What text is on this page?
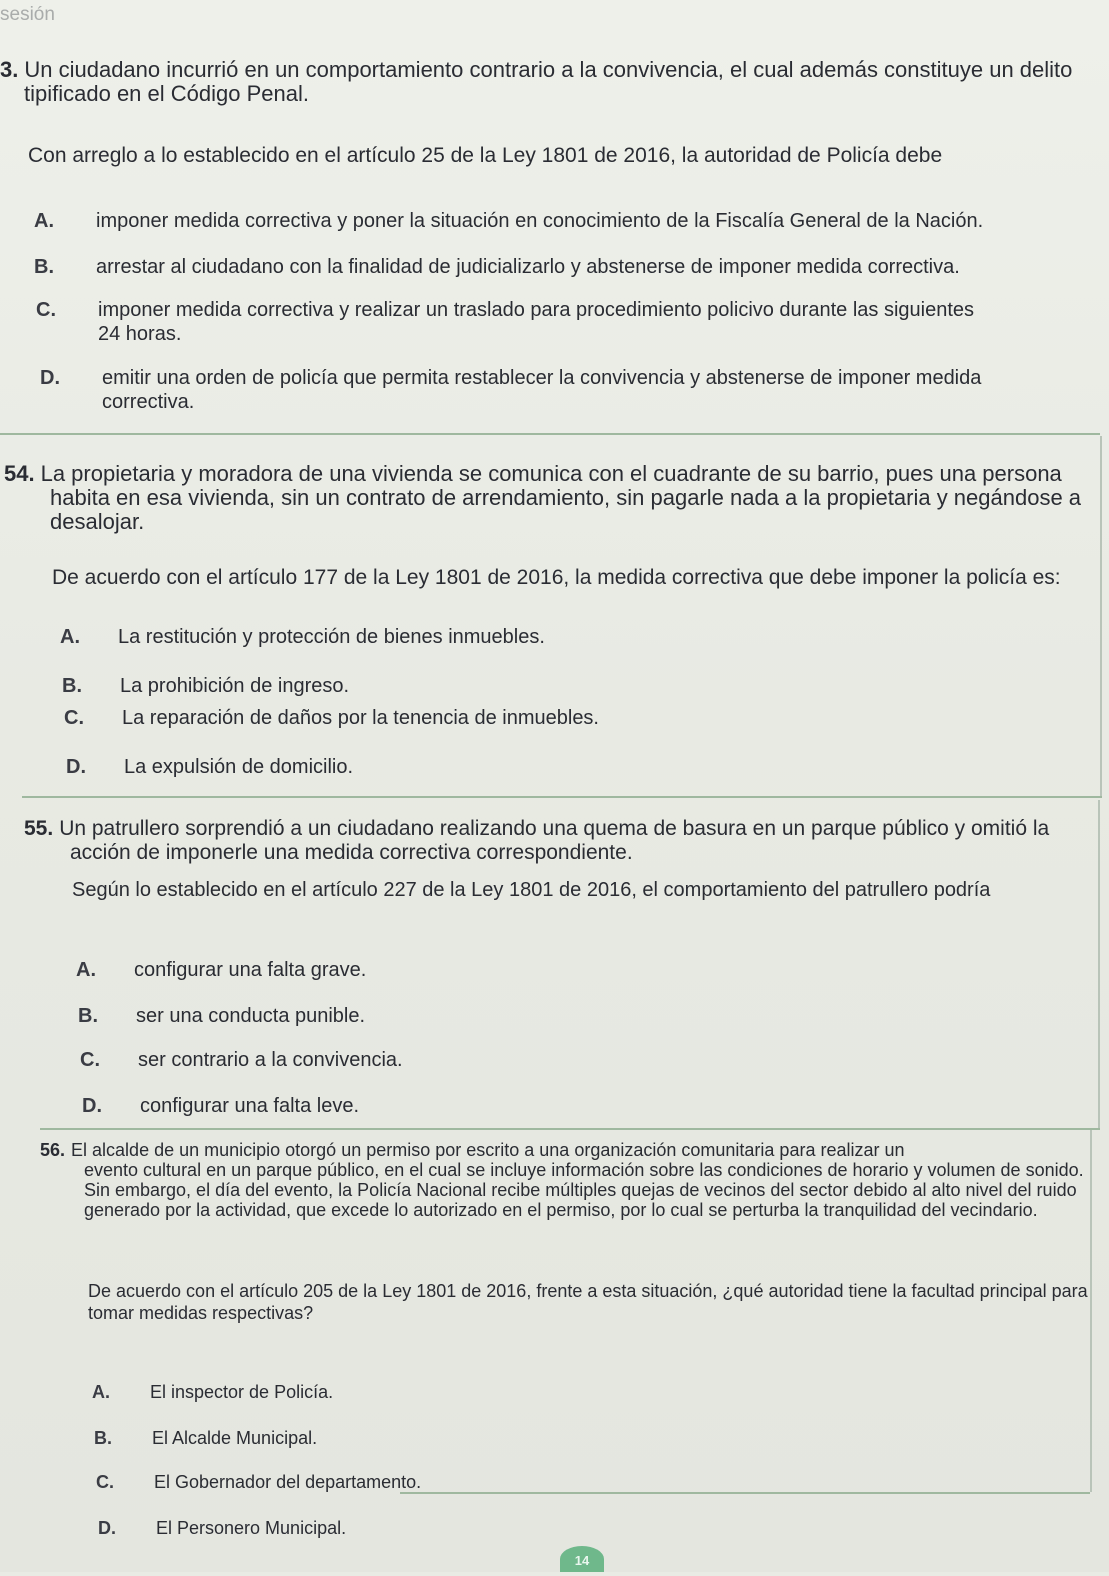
sesión

3. Un ciudadano incurrió en un comportamiento contrario a la convivencia, el cual además constituye un delito
tipificado en el Código Penal.

Con arreglo a lo establecido en el artículo 25 de la Ley 1801 de 2016, la autoridad de Policía debe

A. imponer medida correctiva y poner la situación en conocimiento de la Fiscalía General de la Nación.
B. arrestar al ciudadano con la finalidad de judicializarlo y abstenerse de imponer medida correctiva.
C. imponer medida correctiva y realizar un traslado para procedimiento policivo durante las siguientes
24 horas.
D. emitir una orden de policía que permita restablecer la convivencia y abstenerse de imponer medida
correctiva.

54. La propietaria y moradora de una vivienda se comunica con el cuadrante de su barrio, pues una persona
habita en esa vivienda, sin un contrato de arrendamiento, sin pagarle nada a la propietaria y negándose a desalojar.

De acuerdo con el artículo 177 de la Ley 1801 de 2016, la medida correctiva que debe imponer la policía es:

A. La restitución y protección de bienes inmuebles.
B. La prohibición de ingreso.
C. La reparación de daños por la tenencia de inmuebles.
D. La expulsión de domicilio.

55. Un patrullero sorprendió a un ciudadano realizando una quema de basura en un parque público y omitió la
acción de imponerle una medida correctiva correspondiente.

Según lo establecido en el artículo 227 de la Ley 1801 de 2016, el comportamiento del patrullero podría

A. configurar una falta grave.
B. ser una conducta punible.
C. ser contrario a la convivencia.
D. configurar una falta leve.

56. El alcalde de un municipio otorgó un permiso por escrito a una organización comunitaria para realizar un
evento cultural en un parque público, en el cual se incluye información sobre las condiciones de horario y volumen de sonido. Sin embargo, el día del evento, la Policía Nacional recibe múltiples quejas de vecinos del sector debido al alto nivel del ruido generado por la actividad, que excede lo autorizado en el permiso, por lo cual se perturba la tranquilidad del vecindario.

De acuerdo con el artículo 205 de la Ley 1801 de 2016, frente a esta situación, ¿qué autoridad tiene la facultad principal para tomar medidas respectivas?

A. El inspector de Policía.
B. El Alcalde Municipal.
C. El Gobernador del departamento.
D. El Personero Municipal.
14
